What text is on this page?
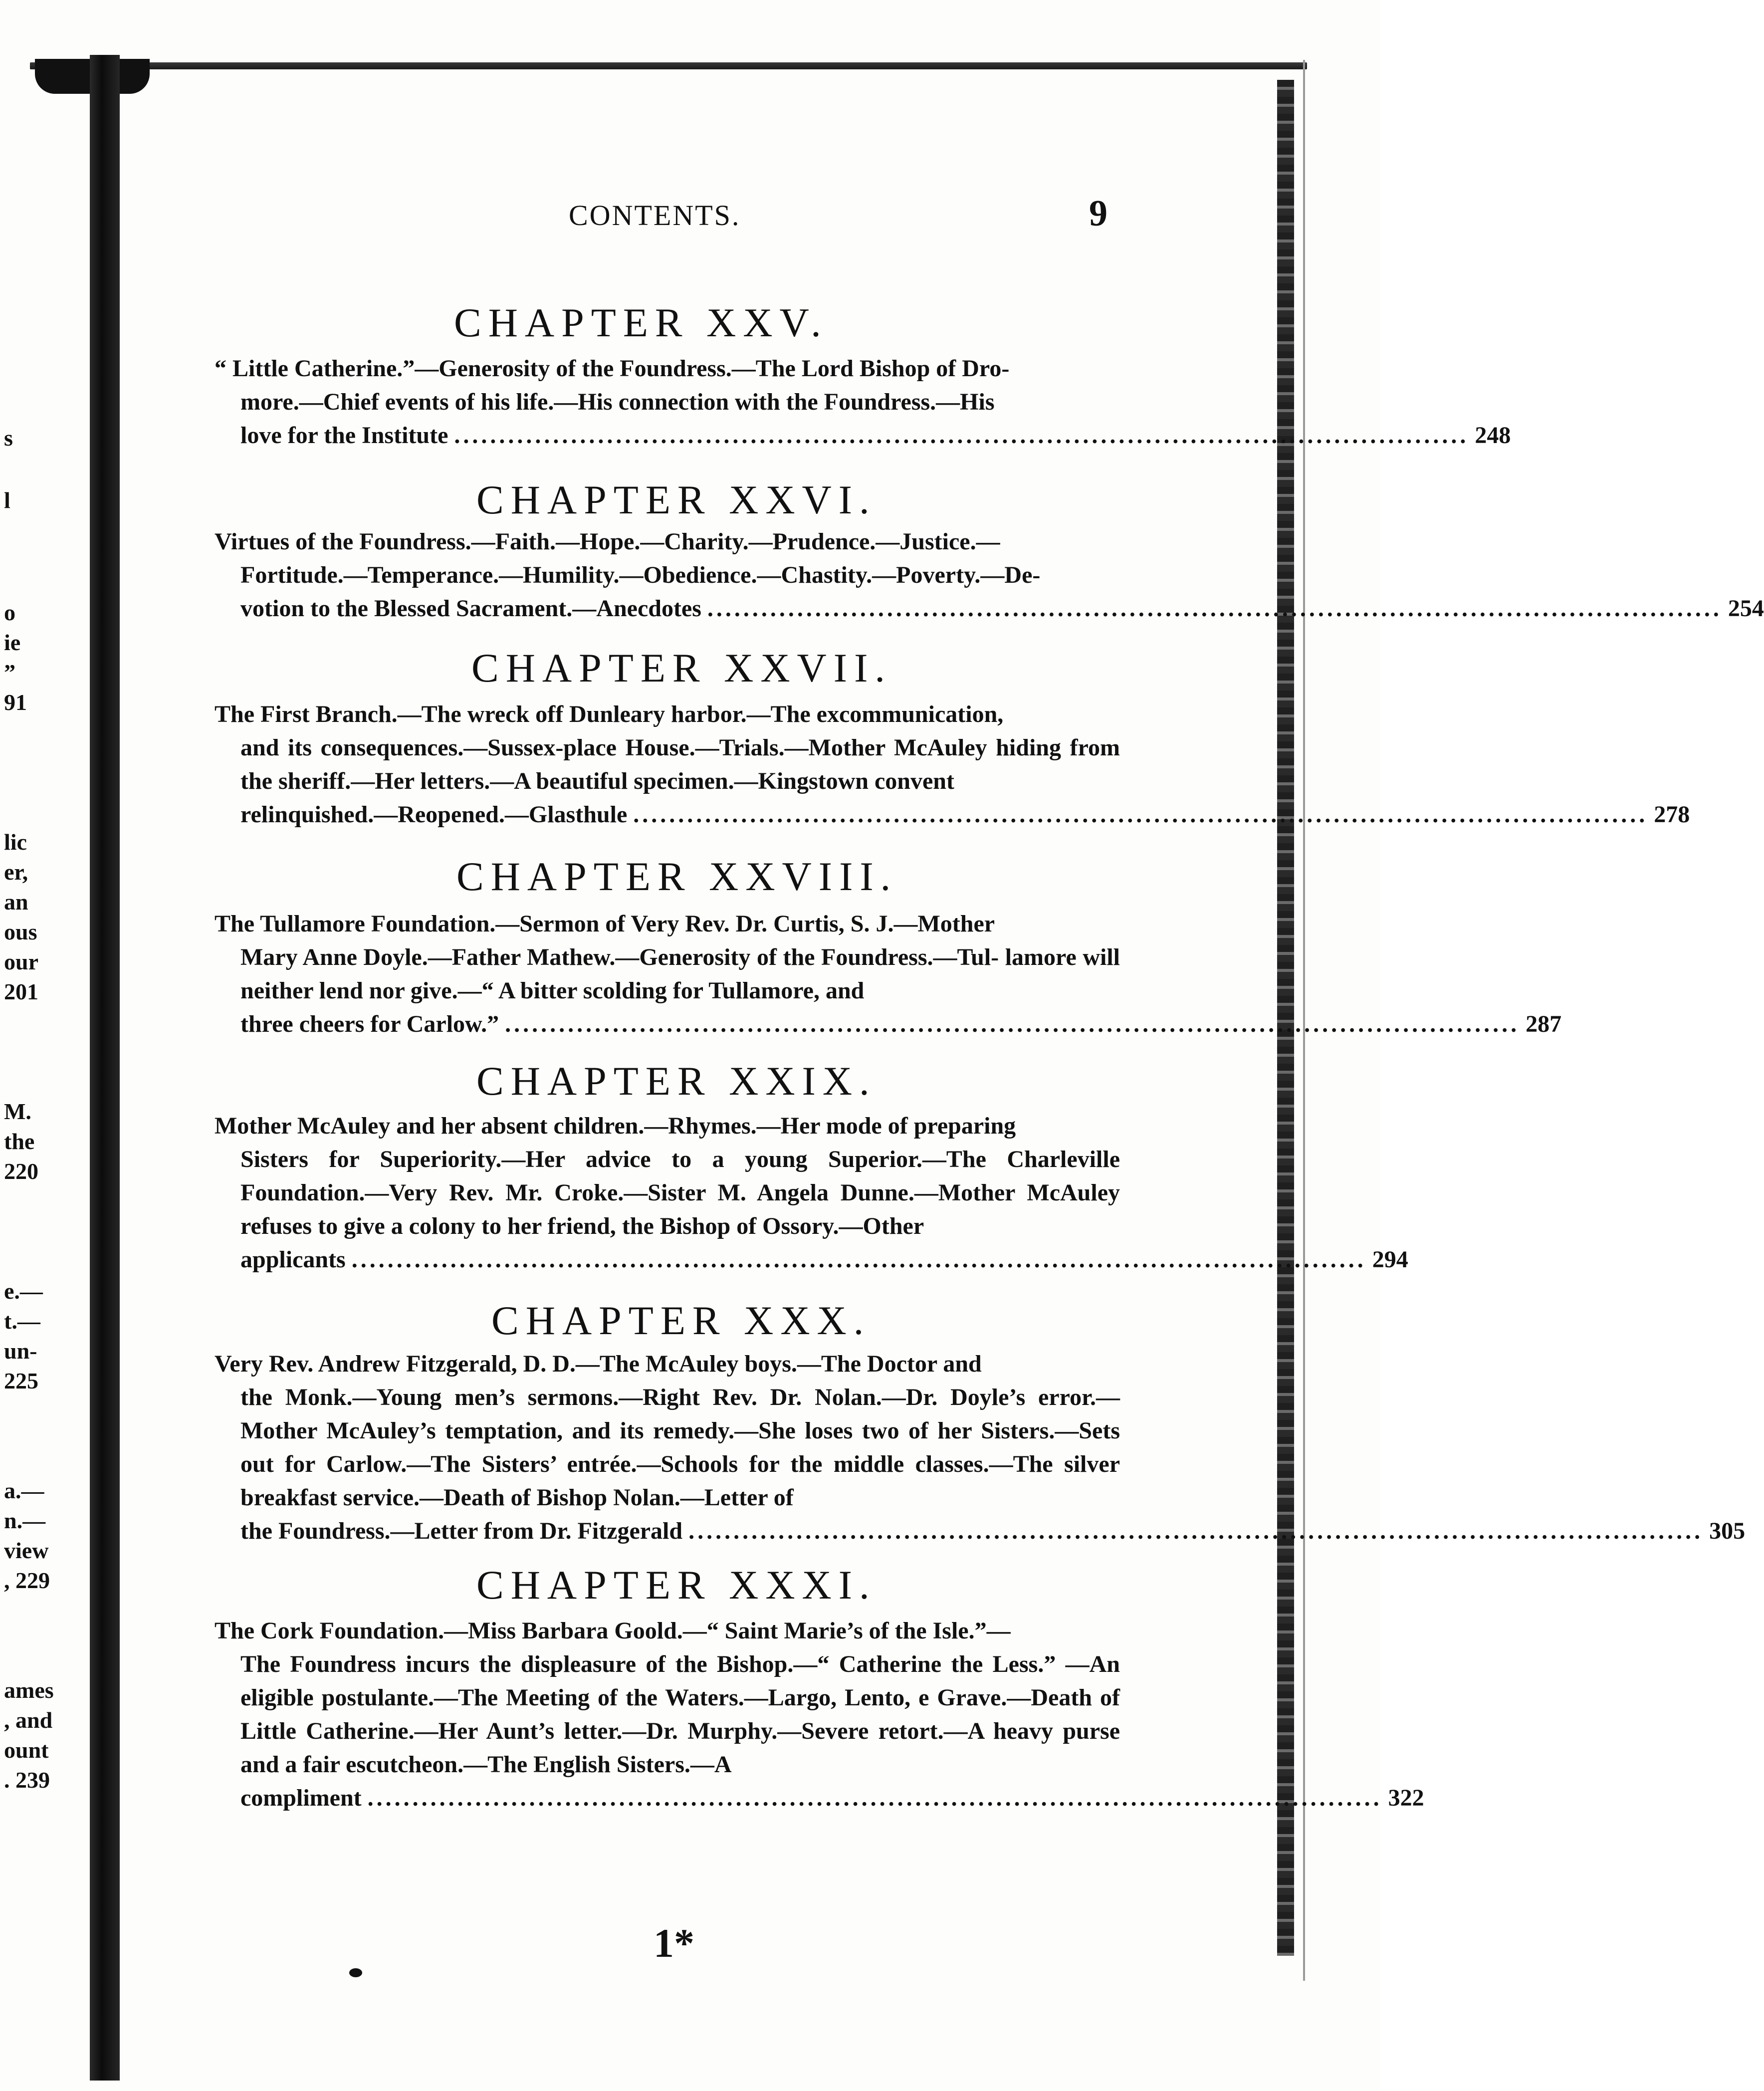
s
l
o
ie
”
91
lic
er,
an
ous
our
201
M.
the
220
e.—
t.—
un-
225
a.—
n.—
view
, 229
ames
, and
ount
. 239
CONTENTS.	9
CHAPTER XXV.
“ Little Catherine.”—Generosity of the Foundress.—The Lord Bishop of Dro-
more.—Chief events of his life.—His connection with the Foundress.—His
love for the Institute ................................................................................................................. 248
CHAPTER XXVI.
Virtues of the Foundress.—Faith.—Hope.—Charity.—Prudence.—Justice.—
Fortitude.—Temperance.—Humility.—Obedience.—Chastity.—Poverty.—De-
votion to the Blessed Sacrament.—Anecdotes ................................................................................................................. 254
CHAPTER XXVII.
The First Branch.—The wreck off Dunleary harbor.—The excommunication,
and its consequences.—Sussex-place House.—Trials.—Mother McAuley hiding from the sheriff.—Her letters.—A beautiful specimen.—Kingstown convent
relinquished.—Reopened.—Glasthule ................................................................................................................. 278
CHAPTER XXVIII.
The Tullamore Foundation.—Sermon of Very Rev. Dr. Curtis, S. J.—Mother
Mary Anne Doyle.—Father Mathew.—Generosity of the Foundress.—Tul- lamore will neither lend nor give.—“ A bitter scolding for Tullamore, and
three cheers for Carlow.” ................................................................................................................. 287
CHAPTER XXIX.
Mother McAuley and her absent children.—Rhymes.—Her mode of preparing
Sisters for Superiority.—Her advice to a young Superior.—The Charleville Foundation.—Very Rev. Mr. Croke.—Sister M. Angela Dunne.—Mother McAuley refuses to give a colony to her friend, the Bishop of Ossory.—Other
applicants ................................................................................................................. 294
CHAPTER XXX.
Very Rev. Andrew Fitzgerald, D. D.—The McAuley boys.—The Doctor and
the Monk.—Young men’s sermons.—Right Rev. Dr. Nolan.—Dr. Doyle’s error.—Mother McAuley’s temptation, and its remedy.—She loses two of her Sisters.—Sets out for Carlow.—The Sisters’ entrée.—Schools for the middle classes.—The silver breakfast service.—Death of Bishop Nolan.—Letter of
the Foundress.—Letter from Dr. Fitzgerald ................................................................................................................. 305
CHAPTER XXXI.
The Cork Foundation.—Miss Barbara Goold.—“ Saint Marie’s of the Isle.”—
The Foundress incurs the displeasure of the Bishop.—“ Catherine the Less.” —An eligible postulante.—The Meeting of the Waters.—Largo, Lento, e Grave.—Death of Little Catherine.—Her Aunt’s letter.—Dr. Murphy.—Severe retort.—A heavy purse and a fair escutcheon.—The English Sisters.—A
compliment ................................................................................................................. 322
1*
